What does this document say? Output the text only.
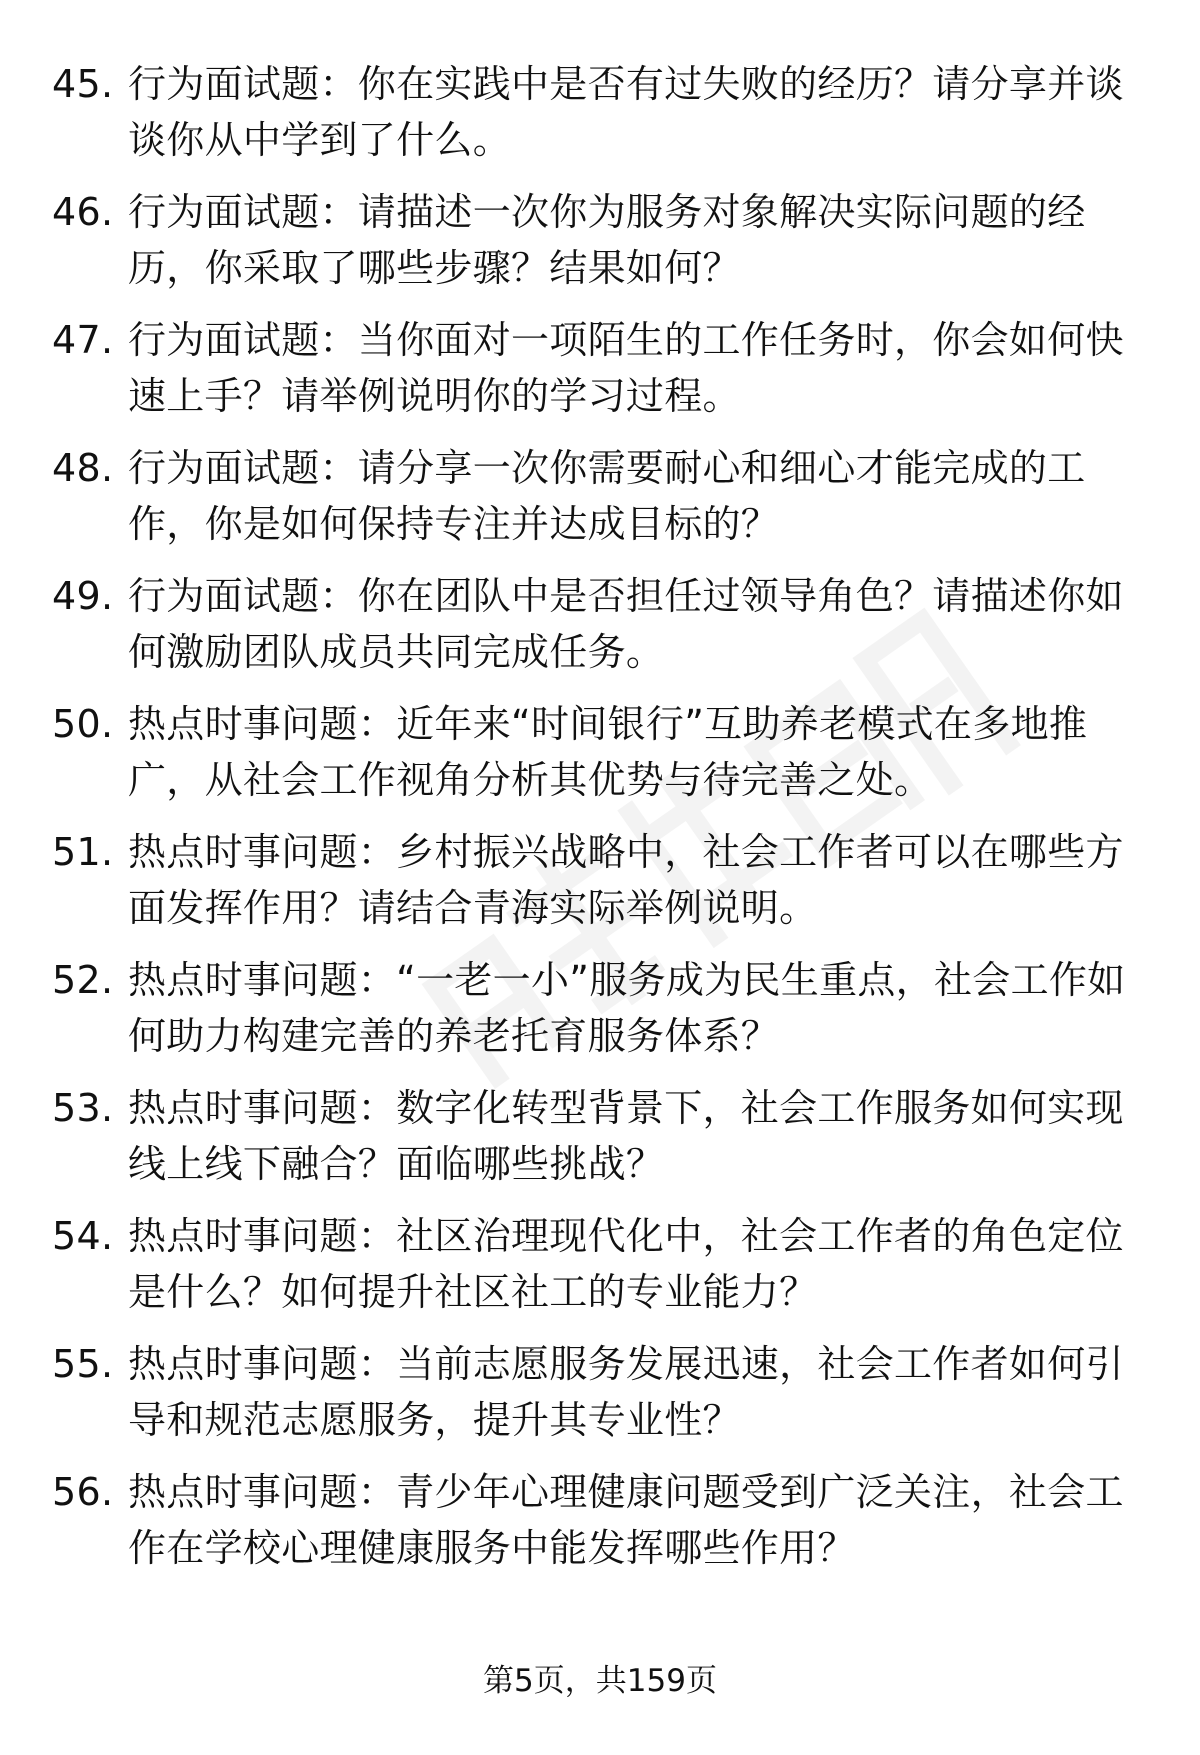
45. 行为面试题：你在实践中是否有过失败的经历？请分享并谈谈你从中学到了什么。
46. 行为面试题：请描述一次你为服务对象解决实际问题的经历，你采取了哪些步骤？结果如何？
47. 行为面试题：当你面对一项陌生的工作任务时，你会如何快速上手？请举例说明你的学习过程。
48. 行为面试题：请分享一次你需要耐心和细心才能完成的工作，你是如何保持专注并达成目标的？
49. 行为面试题：你在团队中是否担任过领导角色？请描述你如何激励团队成员共同完成任务。
50. 热点时事问题：近年来“时间银行”互助养老模式在多地推广，从社会工作视角分析其优势与待完善之处。
51. 热点时事问题：乡村振兴战略中，社会工作者可以在哪些方面发挥作用？请结合青海实际举例说明。
52. 热点时事问题：“一老一小”服务成为民生重点，社会工作如何助力构建完善的养老托育服务体系？
53. 热点时事问题：数字化转型背景下，社会工作服务如何实现线上线下融合？面临哪些挑战？
54. 热点时事问题：社区治理现代化中，社会工作者的角色定位是什么？如何提升社区社工的专业能力？
55. 热点时事问题：当前志愿服务发展迅速，社会工作者如何引导和规范志愿服务，提升其专业性？
56. 热点时事问题：青少年心理健康问题受到广泛关注，社会工作在学校心理健康服务中能发挥哪些作用？
第5页，共159页
